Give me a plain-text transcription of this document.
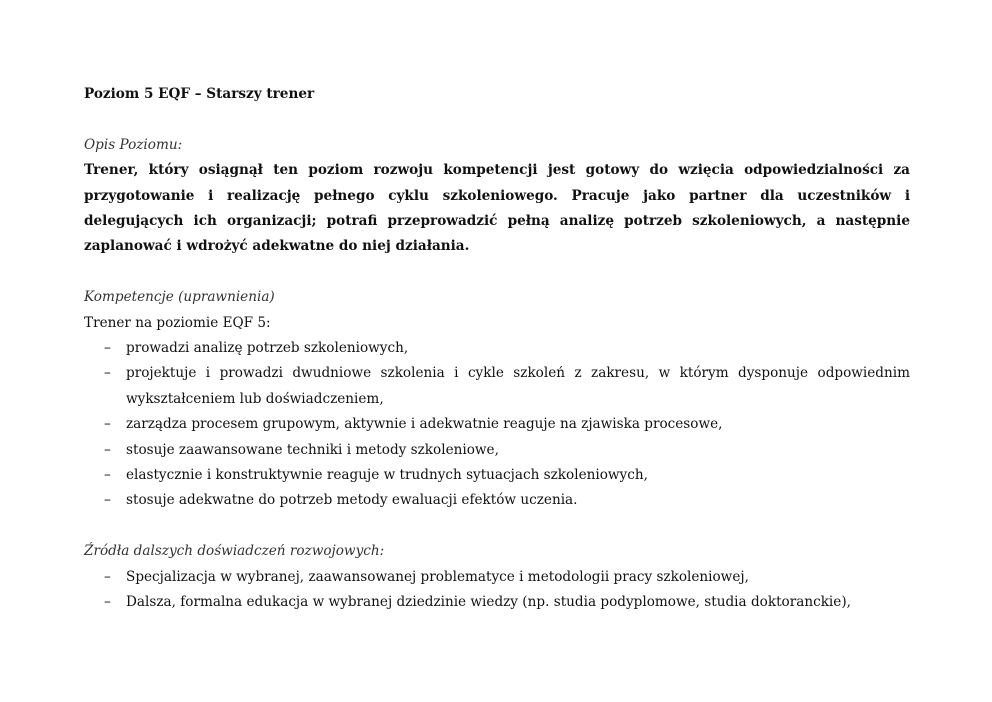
Poziom 5 EQF – Starszy trener

Opis Poziomu:

Trener, który osiągnął ten poziom rozwoju kompetencji jest gotowy do wzięcia odpowiedzialności za przygotowanie i realizację pełnego cyklu szkoleniowego. Pracuje jako partner dla uczestników i delegujących ich organizacji; potrafi przeprowadzić pełną analizę potrzeb szkoleniowych, a następnie zaplanować i wdrożyć adekwatne do niej działania.

Kompetencje (uprawnienia)

Trener na poziomie EQF 5:

– prowadzi analizę potrzeb szkoleniowych,
– projektuje i prowadzi dwudniowe szkolenia i cykle szkoleń z zakresu, w którym dysponuje odpowiednim wykształceniem lub doświadczeniem,
– zarządza procesem grupowym, aktywnie i adekwatnie reaguje na zjawiska procesowe,
– stosuje zaawansowane techniki i metody szkoleniowe,
– elastycznie i konstruktywnie reaguje w trudnych sytuacjach szkoleniowych,
– stosuje adekwatne do potrzeb metody ewaluacji efektów uczenia.

Źródła dalszych doświadczeń rozwojowych:

– Specjalizacja w wybranej, zaawansowanej problematyce i metodologii pracy szkoleniowej,
– Dalsza, formalna edukacja w wybranej dziedzinie wiedzy (np. studia podyplomowe, studia doktoranckie),
